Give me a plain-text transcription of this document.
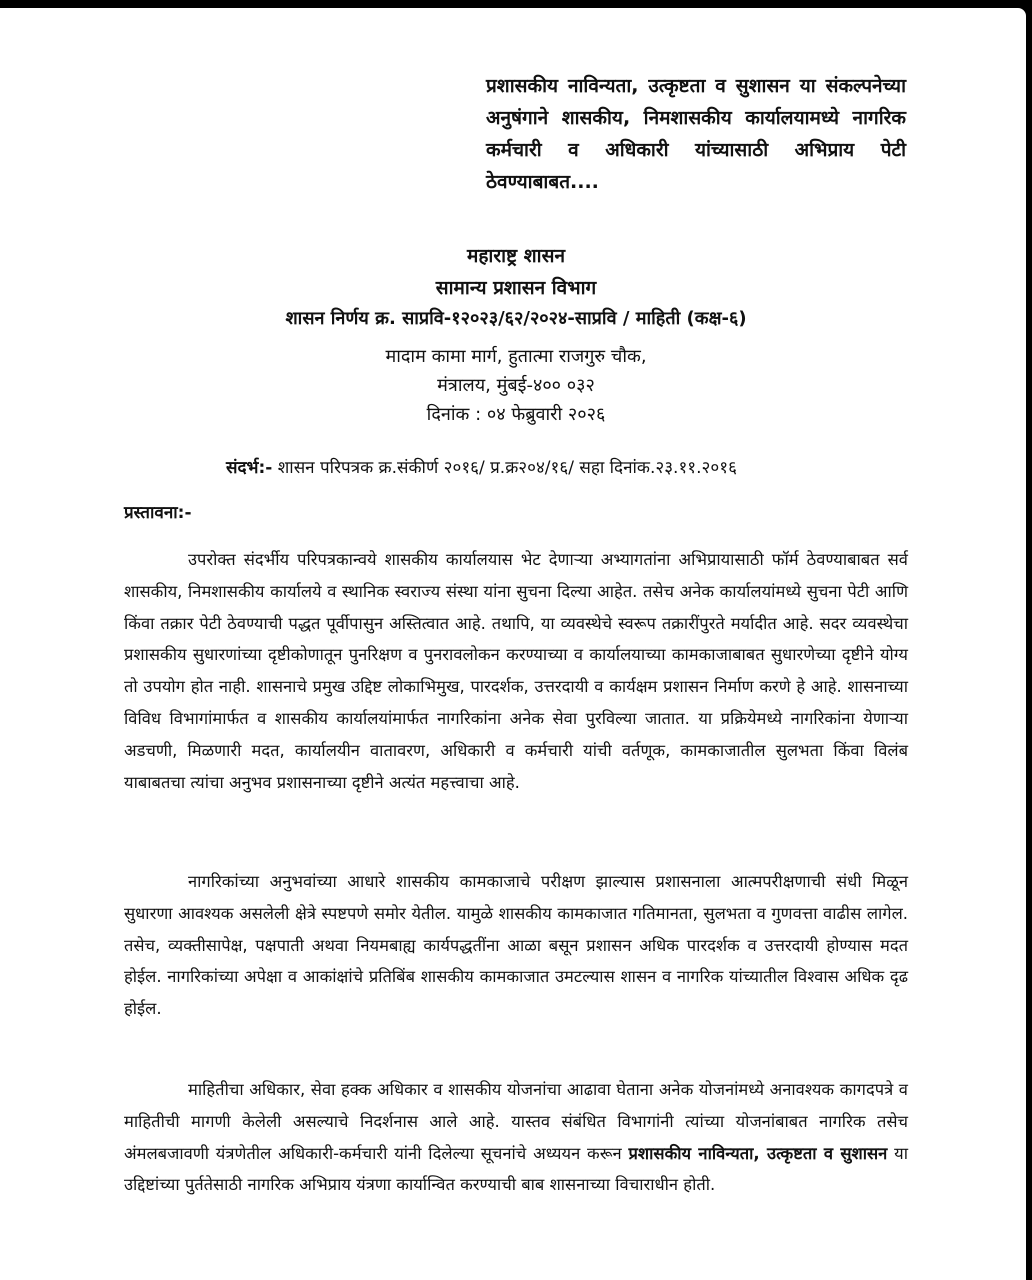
प्रशासकीय नाविन्यता, उत्कृष्टता व सुशासन या संकल्पनेच्या अनुषंगाने शासकीय, निमशासकीय कार्यालयामध्ये नागरिक कर्मचारी व अधिकारी यांच्यासाठी अभिप्राय पेटी ठेवण्याबाबत....
महाराष्ट्र शासन
सामान्य प्रशासन विभाग
शासन निर्णय क्र. साप्रवि-१२०२३/६२/२०२४-साप्रवि / माहिती (कक्ष-६)
मादाम कामा मार्ग, हुतात्मा राजगुरु चौक,
मंत्रालय, मुंबई-४०० ०३२
दिनांक : ०४ फेब्रुवारी २०२६
संदर्भ:- शासन परिपत्रक क्र.संकीर्ण २०१६/ प्र.क्र२०४/१६/ सहा दिनांक.२३.११.२०१६
प्रस्तावना:-

उपरोक्त संदर्भीय परिपत्रकान्वये शासकीय कार्यालयास भेट देणाऱ्या अभ्यागतांना अभिप्रायासाठी फॉर्म ठेवण्याबाबत सर्व शासकीय, निमशासकीय कार्यालये व स्थानिक स्वराज्य संस्था यांना सुचना दिल्या आहेत. तसेच अनेक कार्यालयांमध्ये सुचना पेटी आणि किंवा तक्रार पेटी ठेवण्याची पद्धत पूर्वीपासुन अस्तित्वात आहे. तथापि, या व्यवस्थेचे स्वरूप तक्रारींपुरते मर्यादीत आहे. सदर व्यवस्थेचा प्रशासकीय सुधारणांच्या दृष्टीकोणातून पुनरिक्षण व पुनरावलोकन करण्याच्या व कार्यालयाच्या कामकाजाबाबत सुधारणेच्या दृष्टीने योग्य तो उपयोग होत नाही. शासनाचे प्रमुख उद्दिष्ट लोकाभिमुख, पारदर्शक, उत्तरदायी व कार्यक्षम प्रशासन निर्माण करणे हे आहे. शासनाच्या विविध विभागांमार्फत व शासकीय कार्यालयांमार्फत नागरिकांना अनेक सेवा पुरविल्या जातात. या प्रक्रियेमध्ये नागरिकांना येणाऱ्या अडचणी, मिळणारी मदत, कार्यालयीन वातावरण, अधिकारी व कर्मचारी यांची वर्तणूक, कामकाजातील सुलभता किंवा विलंब याबाबतचा त्यांचा अनुभव प्रशासनाच्या दृष्टीने अत्यंत महत्त्वाचा आहे.

नागरिकांच्या अनुभवांच्या आधारे शासकीय कामकाजाचे परीक्षण झाल्यास प्रशासनाला आत्मपरीक्षणाची संधी मिळून सुधारणा आवश्यक असलेली क्षेत्रे स्पष्टपणे समोर येतील. यामुळे शासकीय कामकाजात गतिमानता, सुलभता व गुणवत्ता वाढीस लागेल. तसेच, व्यक्तीसापेक्ष, पक्षपाती अथवा नियमबाह्य कार्यपद्धतींना आळा बसून प्रशासन अधिक पारदर्शक व उत्तरदायी होण्यास मदत होईल. नागरिकांच्या अपेक्षा व आकांक्षांचे प्रतिबिंब शासकीय कामकाजात उमटल्यास शासन व नागरिक यांच्यातील विश्वास अधिक दृढ होईल.

माहितीचा अधिकार, सेवा हक्क अधिकार व शासकीय योजनांचा आढावा घेताना अनेक योजनांमध्ये अनावश्यक कागदपत्रे व माहितीची मागणी केलेली असल्याचे निदर्शनास आले आहे. यास्तव संबंधित विभागांनी त्यांच्या योजनांबाबत नागरिक तसेच अंमलबजावणी यंत्रणेतील अधिकारी-कर्मचारी यांनी दिलेल्या सूचनांचे अध्ययन करून प्रशासकीय नाविन्यता, उत्कृष्टता व सुशासन या उद्दिष्टांच्या पुर्ततेसाठी नागरिक अभिप्राय यंत्रणा कार्यान्वित करण्याची बाब शासनाच्या विचाराधीन होती.
